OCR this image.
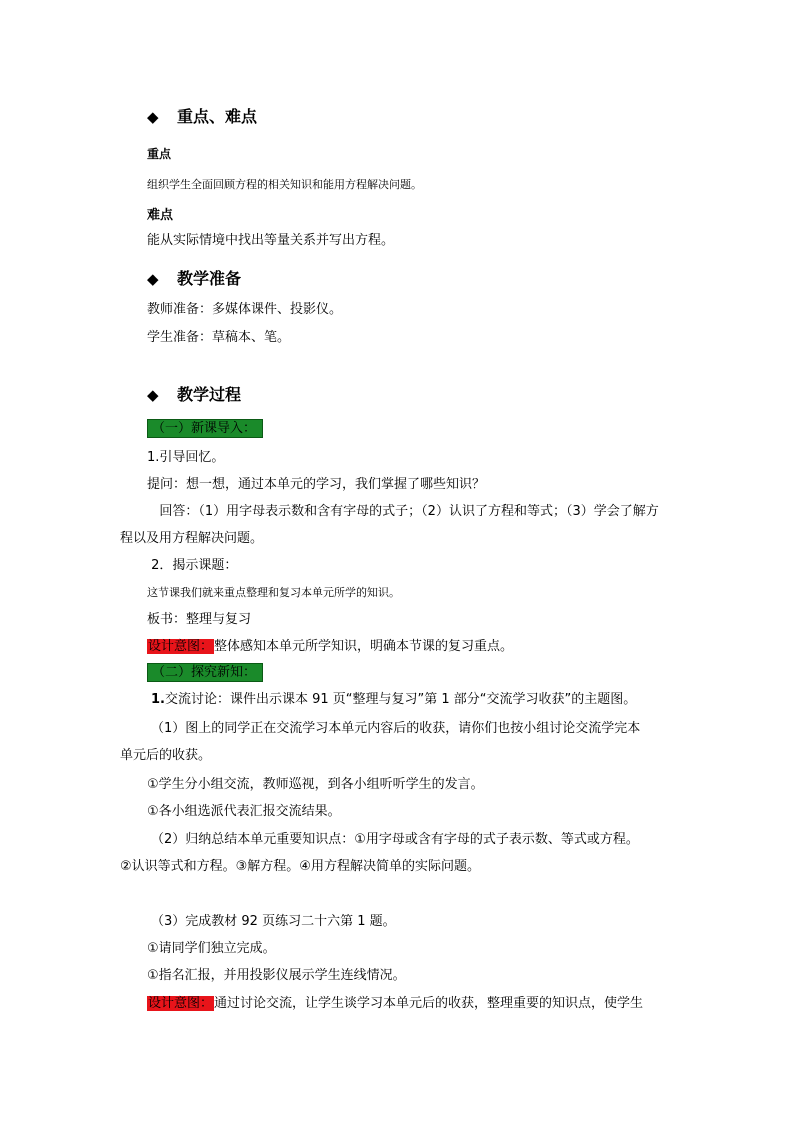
◆ 重点、难点
重点
组织学生全面回顾方程的相关知识和能用方程解决问题。
难点
能从实际情境中找出等量关系并写出方程。
◆ 教学准备
教师准备：多媒体课件、投影仪。
学生准备：草稿本、笔。
◆ 教学过程
（一）新课导入：
1.引导回忆。
提问：想一想，通过本单元的学习，我们掌握了哪些知识？
回答：（1）用字母表示数和含有字母的式子；（2）认识了方程和等式；（3）学会了解方
程以及用方程解决问题。
2．揭示课题：
这节课我们就来重点整理和复习本单元所学的知识。
板书：整理与复习
设计意图：整体感知本单元所学知识，明确本节课的复习重点。
（二）探究新知：
1.交流讨论：课件出示课本 91 页“整理与复习”第 1 部分“交流学习收获”的主题图。
（1）图上的同学正在交流学习本单元内容后的收获，请你们也按小组讨论交流学完本
单元后的收获。
①学生分小组交流，教师巡视，到各小组听听学生的发言。
①各小组选派代表汇报交流结果。
（2）归纳总结本单元重要知识点：①用字母或含有字母的式子表示数、等式或方程。
②认识等式和方程。③解方程。④用方程解决简单的实际问题。
（3）完成教材 92 页练习二十六第 1 题。
①请同学们独立完成。
①指名汇报，并用投影仪展示学生连线情况。
设计意图：通过讨论交流，让学生谈学习本单元后的收获，整理重要的知识点，使学生
